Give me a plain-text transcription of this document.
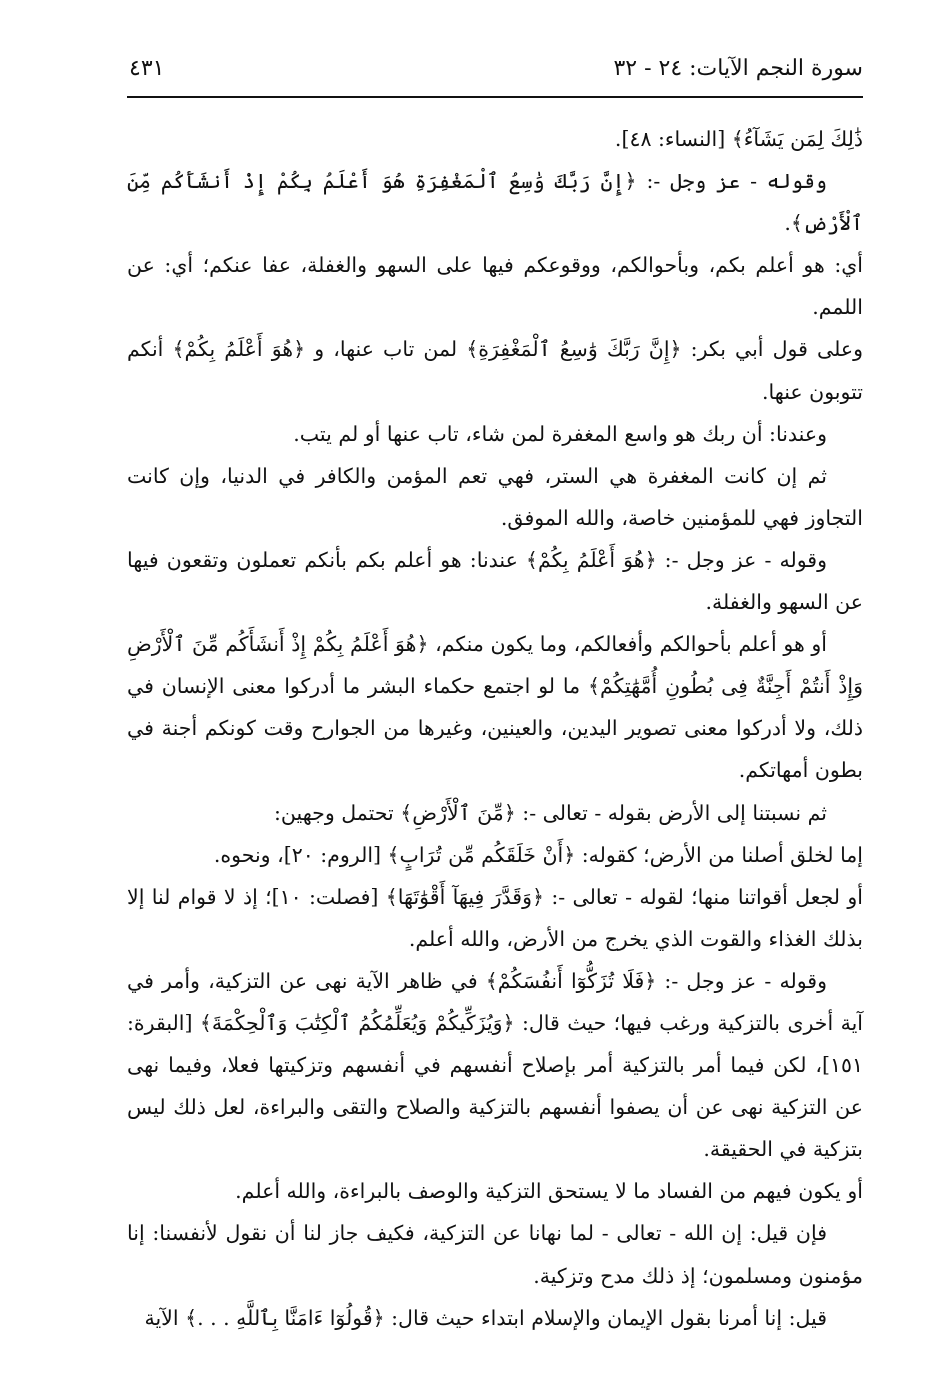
سورة النجم الآيات: ٢٤ - ٣٢
٤٣١

ذَٰلِكَ لِمَن يَشَآءُ﴾ [النساء: ٤٨].

وقوله - عز وجل -: ﴿إِنَّ رَبَّكَ وَٰسِعُ ٱلْمَغْفِرَةِ هُوَ أَعْلَمُ بِكُمْ إِذْ أَنشَأَكُم مِّنَ ٱلْأَرْضِ﴾.

أي: هو أعلم بكم، وبأحوالكم، ووقوعكم فيها على السهو والغفلة، عفا عنكم؛ أي: عن اللمم.

وعلى قول أبي بكر: ﴿إِنَّ رَبَّكَ وَٰسِعُ ٱلْمَغْفِرَةِ﴾ لمن تاب عنها، و ﴿هُوَ أَعْلَمُ بِكُمْ﴾ أنكم تتوبون عنها.

وعندنا: أن ربك هو واسع المغفرة لمن شاء، تاب عنها أو لم يتب.

ثم إن كانت المغفرة هي الستر، فهي تعم المؤمن والكافر في الدنيا، وإن كانت التجاوز فهي للمؤمنين خاصة، والله الموفق.

وقوله - عز وجل -: ﴿هُوَ أَعْلَمُ بِكُمْ﴾ عندنا: هو أعلم بكم بأنكم تعملون وتقعون فيها عن السهو والغفلة.

أو هو أعلم بأحوالكم وأفعالكم، وما يكون منكم، ﴿هُوَ أَعْلَمُ بِكُمْ إِذْ أَنشَأَكُم مِّنَ ٱلْأَرْضِ وَإِذْ أَنتُمْ أَجِنَّةٌ فِى بُطُونِ أُمَّهَٰتِكُمْ﴾ ما لو اجتمع حكماء البشر ما أدركوا معنى الإنسان في ذلك، ولا أدركوا معنى تصوير اليدين، والعينين، وغيرها من الجوارح وقت كونكم أجنة في بطون أمهاتكم.

ثم نسبتنا إلى الأرض بقوله - تعالى -: ﴿مِّنَ ٱلْأَرْضِ﴾ تحتمل وجهين:

إما لخلق أصلنا من الأرض؛ كقوله: ﴿أَنْ خَلَقَكُم مِّن تُرَابٍ﴾ [الروم: ٢٠]، ونحوه.

أو لجعل أقواتنا منها؛ لقوله - تعالى -: ﴿وَقَدَّرَ فِيهَآ أَقْوَٰتَهَا﴾ [فصلت: ١٠]؛ إذ لا قوام لنا إلا بذلك الغذاء والقوت الذي يخرج من الأرض، والله أعلم.

وقوله - عز وجل -: ﴿فَلَا تُزَكُّوٓا أَنفُسَكُمْ﴾ في ظاهر الآية نهى عن التزكية، وأمر في آية أخرى بالتزكية ورغب فيها؛ حيث قال: ﴿وَيُزَكِّيكُمْ وَيُعَلِّمُكُمُ ٱلْكِتَٰبَ وَٱلْحِكْمَةَ﴾ [البقرة: ١٥١]، لكن فيما أمر بالتزكية أمر بإصلاح أنفسهم في أنفسهم وتزكيتها فعلا، وفيما نهى عن التزكية نهى عن أن يصفوا أنفسهم بالتزكية والصلاح والتقى والبراءة، لعل ذلك ليس بتزكية في الحقيقة.

أو يكون فيهم من الفساد ما لا يستحق التزكية والوصف بالبراءة، والله أعلم.

فإن قيل: إن الله - تعالى - لما نهانا عن التزكية، فكيف جاز لنا أن نقول لأنفسنا: إنا مؤمنون ومسلمون؛ إذ ذلك مدح وتزكية.

قيل: إنا أمرنا بقول الإيمان والإسلام ابتداء حيث قال: ﴿قُولُوٓا ءَامَنَّا بِٱللَّهِ . . .﴾ الآية
